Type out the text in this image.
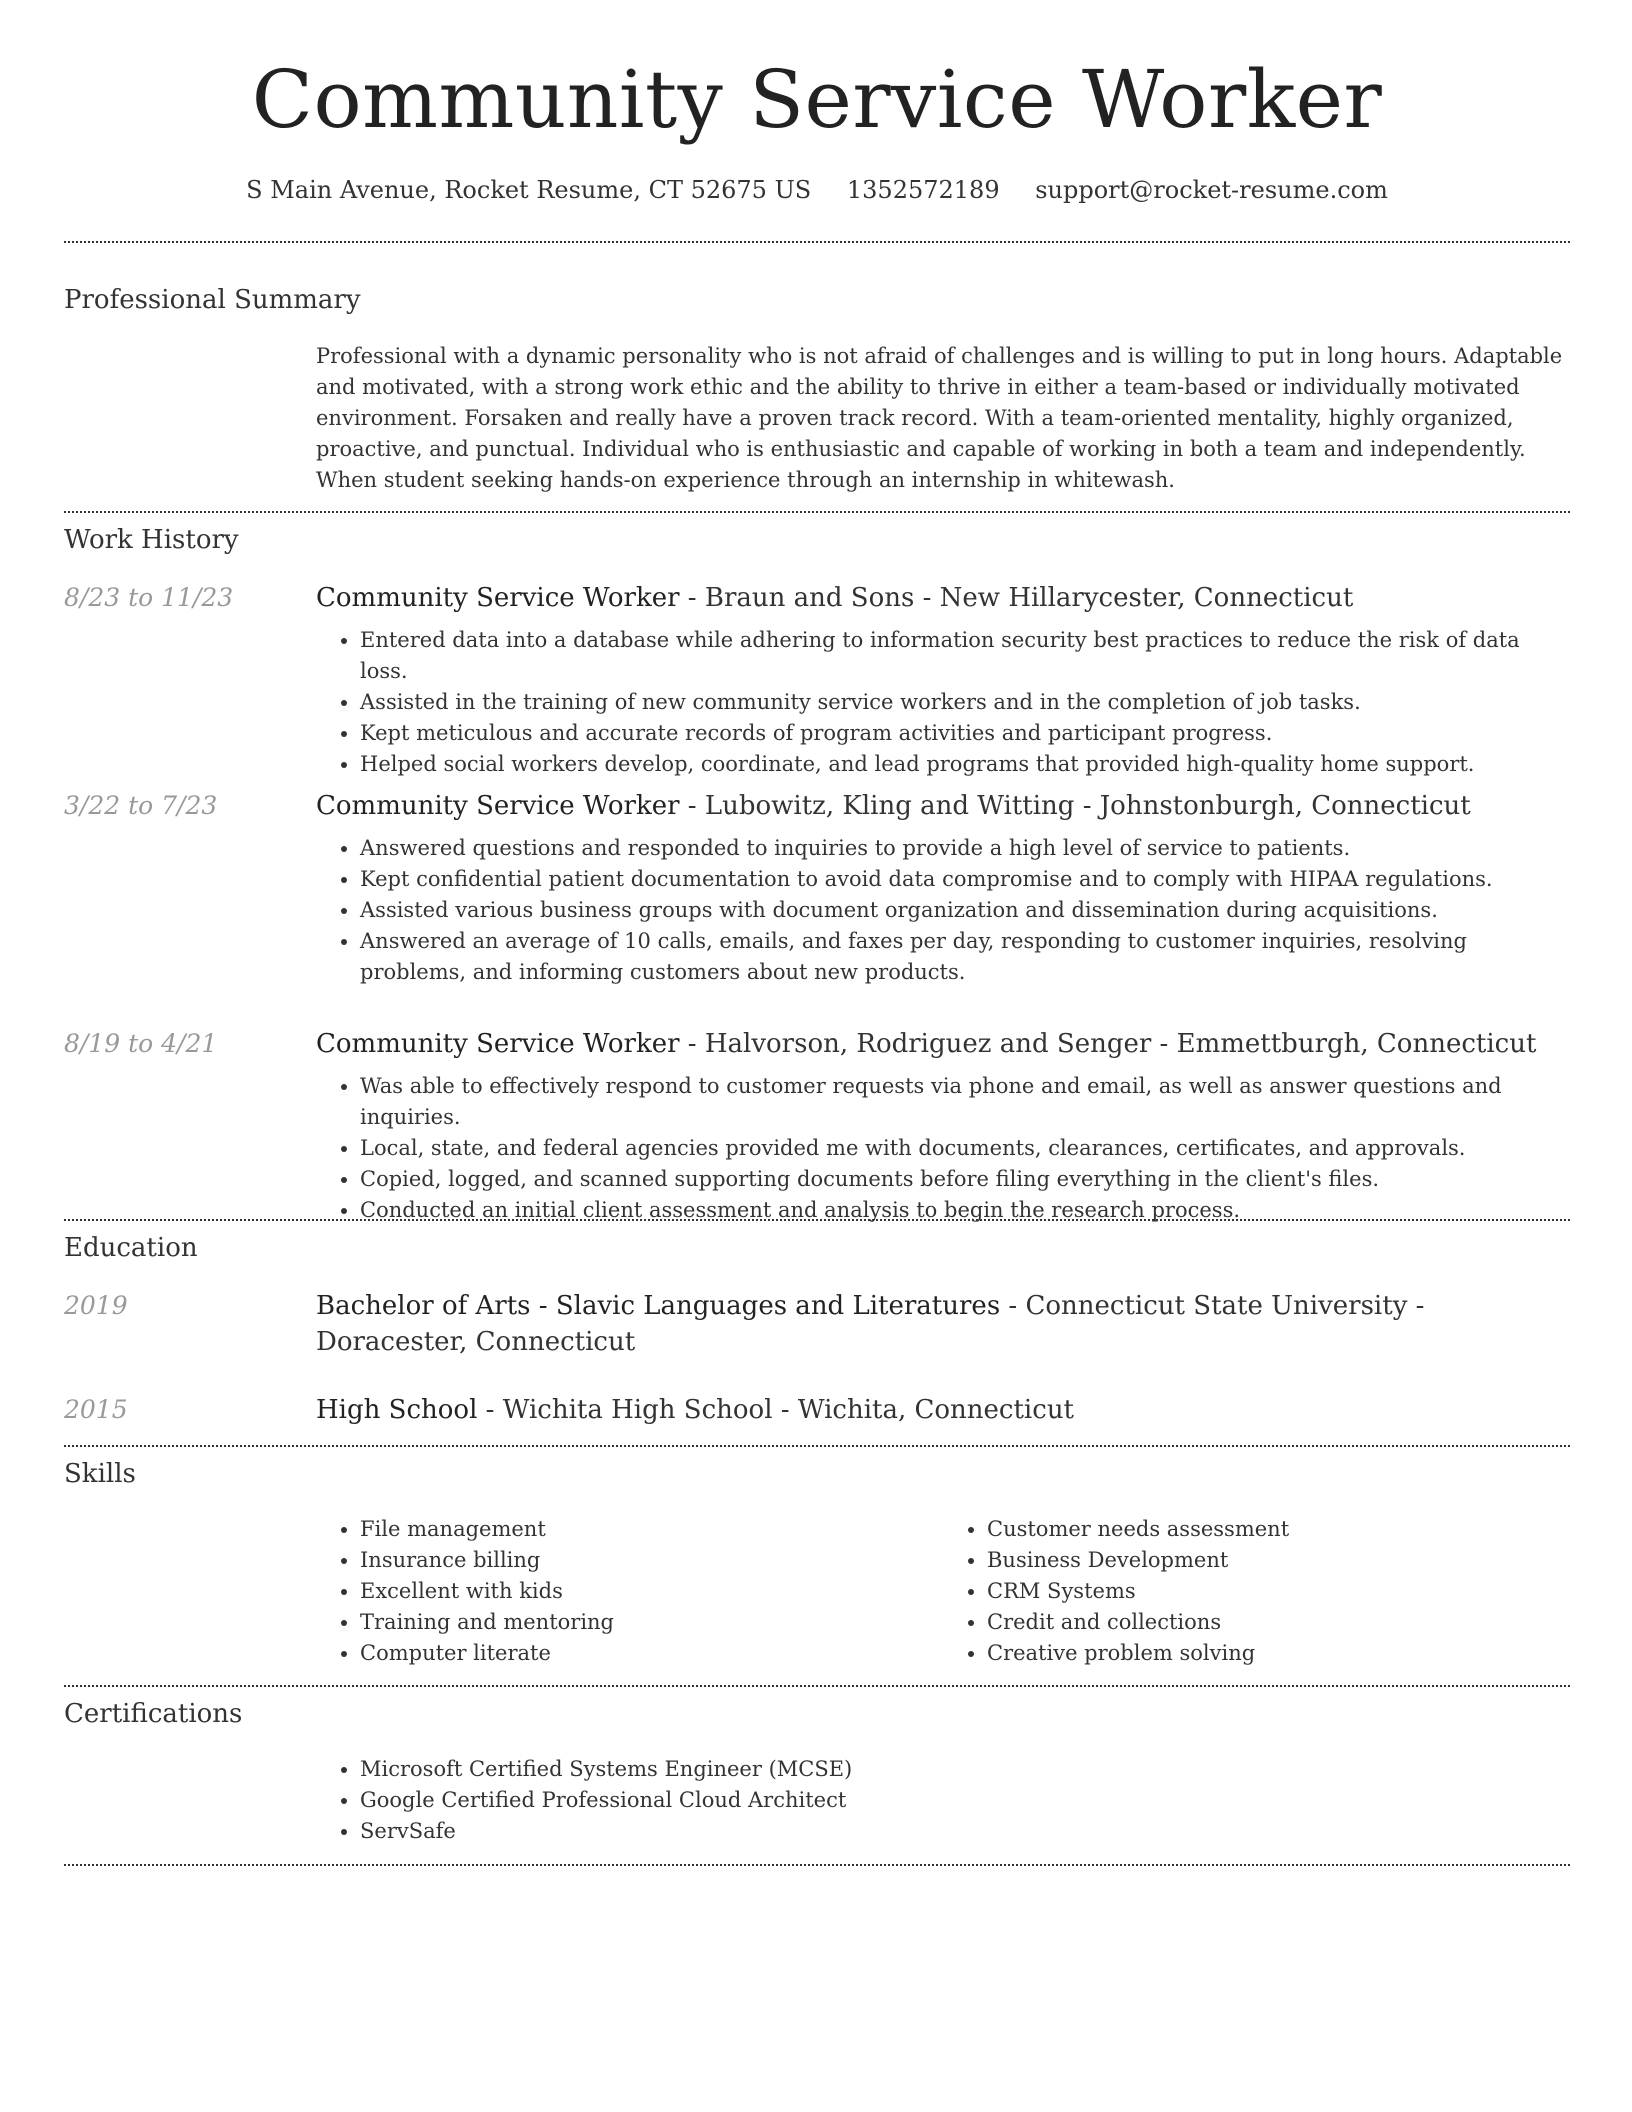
Community Service Worker
S Main Avenue, Rocket Resume, CT 52675 US 1352572189 support@rocket-resume.com
Professional Summary
Professional with a dynamic personality who is not afraid of challenges and is willing to put in long hours. Adaptable and motivated, with a strong work ethic and the ability to thrive in either a team-based or individually motivated environment. Forsaken and really have a proven track record. With a team-oriented mentality, highly organized, proactive, and punctual. Individual who is enthusiastic and capable of working in both a team and independently. When student seeking hands-on experience through an internship in whitewash.
Work History
8/23 to 11/23	Community Service Worker - Braun and Sons - New Hillarycester, Connecticut
• Entered data into a database while adhering to information security best practices to reduce the risk of data loss.
• Assisted in the training of new community service workers and in the completion of job tasks.
• Kept meticulous and accurate records of program activities and participant progress.
• Helped social workers develop, coordinate, and lead programs that provided high-quality home support.
3/22 to 7/23	Community Service Worker - Lubowitz, Kling and Witting - Johnstonburgh, Connecticut
• Answered questions and responded to inquiries to provide a high level of service to patients.
• Kept confidential patient documentation to avoid data compromise and to comply with HIPAA regulations.
• Assisted various business groups with document organization and dissemination during acquisitions.
• Answered an average of 10 calls, emails, and faxes per day, responding to customer inquiries, resolving problems, and informing customers about new products.
8/19 to 4/21	Community Service Worker - Halvorson, Rodriguez and Senger - Emmettburgh, Connecticut
• Was able to effectively respond to customer requests via phone and email, as well as answer questions and inquiries.
• Local, state, and federal agencies provided me with documents, clearances, certificates, and approvals.
• Copied, logged, and scanned supporting documents before filing everything in the client's files.
• Conducted an initial client assessment and analysis to begin the research process.
Education
2019	Bachelor of Arts - Slavic Languages and Literatures - Connecticut State University - Doracester, Connecticut
2015	High School - Wichita High School - Wichita, Connecticut
Skills
• File management
• Insurance billing
• Excellent with kids
• Training and mentoring
• Computer literate
• Customer needs assessment
• Business Development
• CRM Systems
• Credit and collections
• Creative problem solving
Certifications
• Microsoft Certified Systems Engineer (MCSE)
• Google Certified Professional Cloud Architect
• ServSafe
